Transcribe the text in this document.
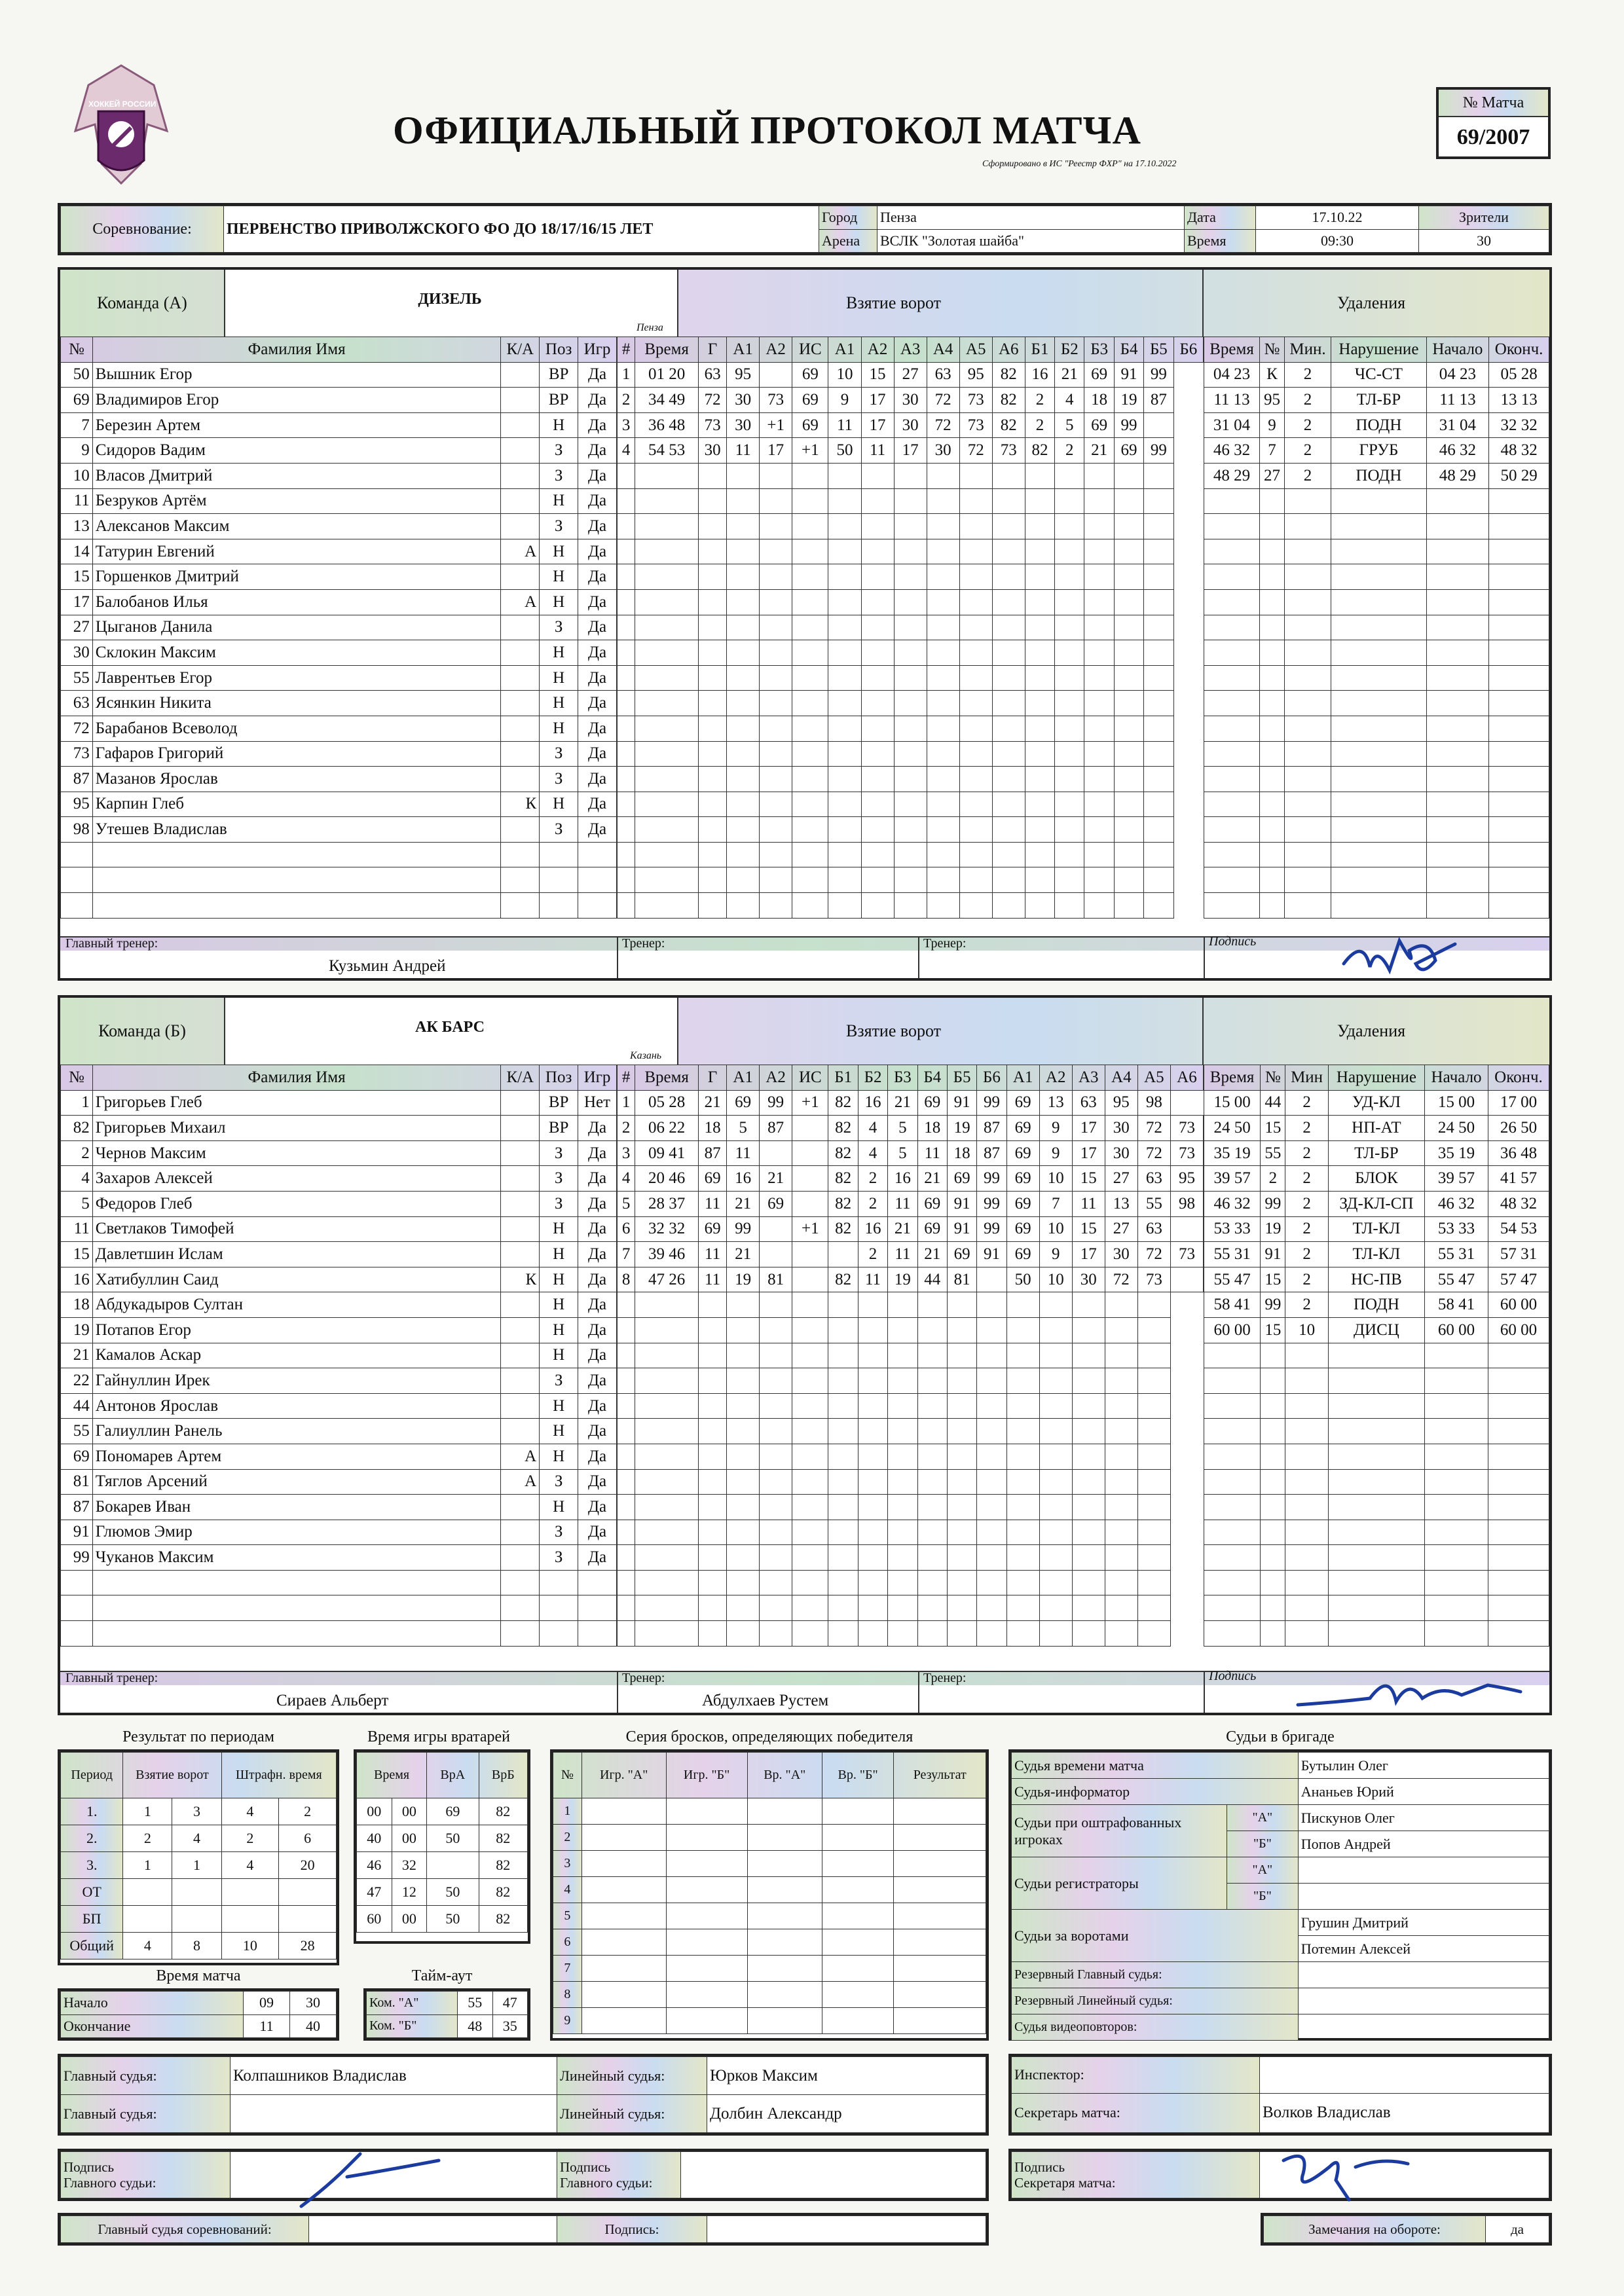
ХОККЕЙ РОССИИ
ОФИЦИАЛЬНЫЙ ПРОТОКОЛ МАТЧА
Сформировано в ИС "Реестр ФХР" на 17.10.2022
№ Матча
69/2007
Соревнование:	ПЕРВЕНСТВО ПРИВОЛЖСКОГО ФО ДО 18/17/16/15 ЛЕТ	Город	Пенза	Дата	17.10.22	Зрители
		Арена	ВСЛК "Золотая шайба"	Время	09:30	30
Команда (А)	ДИЗЕЛЬ
Пенза
Взятие ворот	Удаления
№	Фамилия Имя	К/А	Поз	Игр
50	Вышник Егор		ВР	Да
69	Владимиров Егор		ВР	Да
7	Березин Артем		Н	Да
9	Сидоров Вадим		З	Да
10	Власов Дмитрий		З	Да
11	Безруков Артём		Н	Да
13	Алексанов Максим		З	Да
14	Татурин Евгений	А	Н	Да
15	Горшенков Дмитрий		Н	Да
17	Балобанов Илья	А	Н	Да
27	Цыганов Данила		З	Да
30	Склокин Максим		Н	Да
55	Лаврентьев Егор		Н	Да
63	Ясянкин Никита		Н	Да
72	Барабанов Всеволод		Н	Да
73	Гафаров Григорий		З	Да
87	Мазанов Ярослав		З	Да
95	Карпин Глеб	К	Н	Да
98	Утешев Владислав		З	Да

#	Время	Г	А1	А2	ИС	А1	А2	А3	А4	А5	А6	Б1	Б2	Б3	Б4	Б5	Б6
1	01 20	63	95		69	10	15	27	63	95	82	16	21	69	91	99	
2	34 49	72	30	73	69	9	17	30	72	73	82	2	4	18	19	87	
3	36 48	73	30	+1	69	11	17	30	72	73	82	2	5	69	99		
4	54 53	30	11	17	+1	50	11	17	30	72	73	82	2	21	69	99	

Время	№	Мин.	Нарушение	Начало	Оконч.
04 23	К	2	ЧС-СТ	04 23	05 28
11 13	95	2	ТЛ-БР	11 13	13 13
31 04	9	2	ПОДН	31 04	32 32
46 32	7	2	ГРУБ	46 32	48 32
48 29	27	2	ПОДН	48 29	50 29

Главный тренер:
Кузьмин Андрей
Тренер:	Тренер:	Подпись
Команда (Б)	АК БАРС
Казань
Взятие ворот	Удаления
№	Фамилия Имя	К/А	Поз	Игр
1	Григорьев Глеб		ВР	Нет
82	Григорьев Михаил		ВР	Да
2	Чернов Максим		З	Да
4	Захаров Алексей		З	Да
5	Федоров Глеб		З	Да
11	Светлаков Тимофей		Н	Да
15	Давлетшин Ислам		Н	Да
16	Хатибуллин Саид	К	Н	Да
18	Абдукадыров Султан		Н	Да
19	Потапов Егор		Н	Да
21	Камалов Аскар		Н	Да
22	Гайнуллин Ирек		З	Да
44	Антонов Ярослав		Н	Да
55	Галиуллин Ранель		Н	Да
69	Пономарев Артем	А	Н	Да
81	Тяглов Арсений	А	З	Да
87	Бокарев Иван		Н	Да
91	Глюмов Эмир		З	Да
99	Чуканов Максим		З	Да

#	Время	Г	А1	А2	ИС	Б1	Б2	Б3	Б4	Б5	Б6	А1	А2	А3	А4	А5	А6
1	05 28	21	69	99	+1	82	16	21	69	91	99	69	13	63	95	98	
2	06 22	18	5	87		82	4	5	18	19	87	69	9	17	30	72	73
3	09 41	87	11			82	4	5	11	18	87	69	9	17	30	72	73
4	20 46	69	16	21		82	2	16	21	69	99	69	10	15	27	63	95
5	28 37	11	21	69		82	2	11	69	91	99	69	7	11	13	55	98
6	32 32	69	99		+1	82	16	21	69	91	99	69	10	15	27	63	
7	39 46	11	21				2	11	21	69	91	69	9	17	30	72	73
8	47 26	11	19	81		82	11	19	44	81		50	10	30	72	73	

Время	№	Мин	Нарушение	Начало	Оконч.
15 00	44	2	УД-КЛ	15 00	17 00
24 50	15	2	НП-АТ	24 50	26 50
35 19	55	2	ТЛ-БР	35 19	36 48
39 57	2	2	БЛОК	39 57	41 57
46 32	99	2	ЗД-КЛ-СП	46 32	48 32
53 33	19	2	ТЛ-КЛ	53 33	54 53
55 31	91	2	ТЛ-КЛ	55 31	57 31
55 47	15	2	НС-ПВ	55 47	57 47
58 41	99	2	ПОДН	58 41	60 00
60 00	15	10	ДИСЦ	60 00	60 00

Главный тренер:
Сираев Альберт
Тренер:
Абдулхаев Рустем
Тренер:	Подпись
Результат по периодам
Период	Взятие ворот		Штрафн. время	
1.	1	3	4	2
2.	2	4	2	6
3.	1	1	4	20
ОТ				
БП				
Общий	4	8	10	28
Время игры вратарей
Время		ВрА	ВрБ
00	00	69	82
40	00	50	82
46	32		82
47	12	50	82
60	00	50	82
Серия бросков, определяющих победителя
№	Игр. "А"	Игр. "Б"	Вр. "А"	Вр. "Б"	Результат
1					
2					
3					
4					
5					
6					
7					
8					
9					
Время матча
Начало	09	30
Окончание	11	40
Тайм-аут
Ком. "А"	55	47
Ком. "Б"	48	35
Судьи в бригаде
Судья времени матча		Бутылин Олег
Судья-информатор		Ананьев Юрий
Судьи при оштрафованных игроках	"А"	Пискунов Олег
	"Б"	Попов Андрей
Судьи регистраторы	"А"	
	"Б"	
Судьи за воротами		Грушин Дмитрий
		Потемин Алексей
Резервный Главный судья:		
Резервный Линейный судья:		
Судья видеоповторов:		
Главный судья:	Колпашников Владислав	Линейный судья:	Юрков Максим
Главный судья:		Линейный судья:	Долбин Александр
Инспектор:	
Секретарь матча:	Волков Владислав
Подпись
Главного судьи:		Подпись
Главного судьи:	
Подпись
Секретаря матча:	
Главный судья соревнований:		Подпись:		Замечания на обороте:	да
